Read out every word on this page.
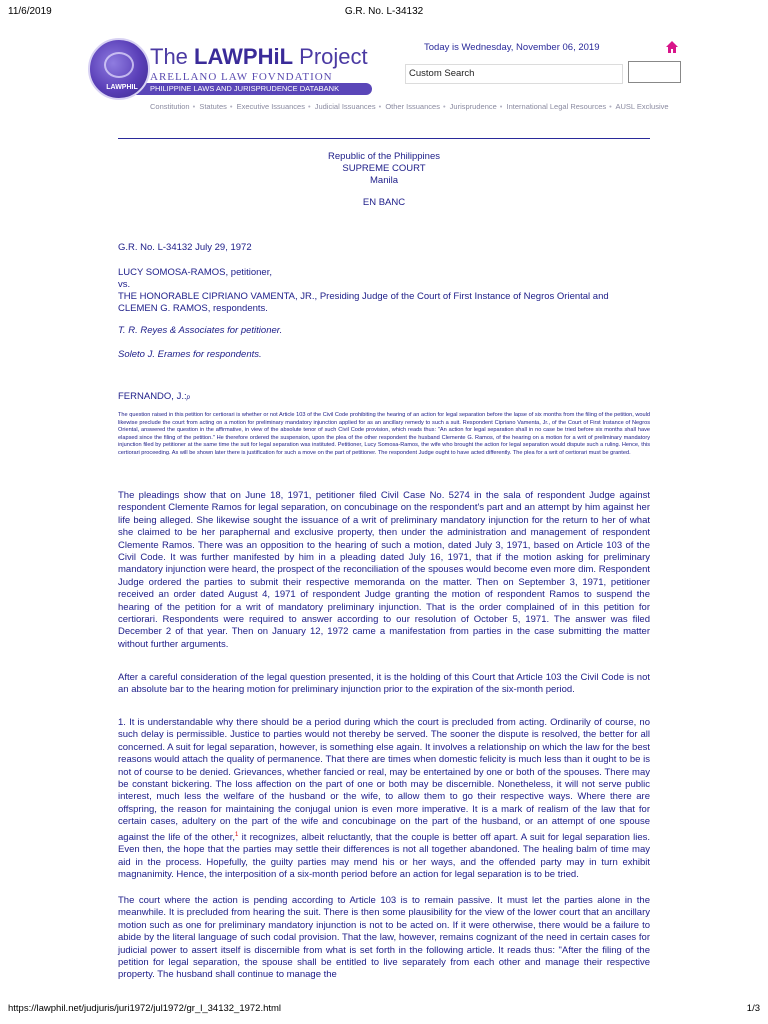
11/6/2019	G.R. No. L-34132
PHILIPPINE LAWS AND JURISPRUDENCE DATABANK
LAWPHIL
The LAWPHiL Project
ARELLANO LAW FOVNDATION
Today is Wednesday, November 06, 2019
Custom Search
Constitution • Statutes • Executive Issuances • Judicial Issuances • Other Issuances • Jurisprudence • International Legal Resources • AUSL Exclusive
Republic of the Philippines
SUPREME COURT
Manila
EN BANC
G.R. No. L-34132 July 29, 1972
LUCY SOMOSA-RAMOS, petitioner,
vs.
THE HONORABLE CIPRIANO VAMENTA, JR., Presiding Judge of the Court of First Instance of Negros Oriental and CLEMEN G. RAMOS, respondents.
T. R. Reyes & Associates for petitioner.
Soleto J. Erames for respondents.
FERNANDO, J.:p
The question raised in this petition for certiorari is whether or not Article 103 of the Civil Code prohibiting the hearing of an action for legal separation before the lapse of six months from the filing of the petition, would likewise preclude the court from acting on a motion for preliminary mandatory injunction applied for as an ancillary remedy to such a suit. Respondent Cipriano Vamenta, Jr., of the Court of First Instance of Negros Oriental, answered the question in the affirmative, in view of the absolute tenor of such Civil Code provision, which reads thus: "An action for legal separation shall in no case be tried before six months shall have elapsed since the filing of the petition." He therefore ordered the suspension, upon the plea of the other respondent the husband Clemente G. Ramos, of the hearing on a motion for a writ of preliminary mandatory injunction filed by petitioner at the same time the suit for legal separation was instituted. Petitioner, Lucy Somosa-Ramos, the wife who brought the action for legal separation would dispute such a ruling. Hence, this certiorari proceeding. As will be shown later there is justification for such a move on the part of petitioner. The respondent Judge ought to have acted differently. The plea for a writ of certiorari must be granted.
The pleadings show that on June 18, 1971, petitioner filed Civil Case No. 5274 in the sala of respondent Judge against respondent Clemente Ramos for legal separation, on concubinage on the respondent's part and an attempt by him against her life being alleged. She likewise sought the issuance of a writ of preliminary mandatory injunction for the return to her of what she claimed to be her paraphernal and exclusive property, then under the administration and management of respondent Clemente Ramos. There was an opposition to the hearing of such a motion, dated July 3, 1971, based on Article 103 of the Civil Code. It was further manifested by him in a pleading dated July 16, 1971, that if the motion asking for preliminary mandatory injunction were heard, the prospect of the reconciliation of the spouses would become even more dim. Respondent Judge ordered the parties to submit their respective memoranda on the matter. Then on September 3, 1971, petitioner received an order dated August 4, 1971 of respondent Judge granting the motion of respondent Ramos to suspend the hearing of the petition for a writ of mandatory preliminary injunction. That is the order complained of in this petition for certiorari. Respondents were required to answer according to our resolution of October 5, 1971. The answer was filed December 2 of that year. Then on January 12, 1972 came a manifestation from parties in the case submitting the matter without further arguments.
After a careful consideration of the legal question presented, it is the holding of this Court that Article 103 the Civil Code is not an absolute bar to the hearing motion for preliminary injunction prior to the expiration of the six-month period.
1. It is understandable why there should be a period during which the court is precluded from acting. Ordinarily of course, no such delay is permissible. Justice to parties would not thereby be served. The sooner the dispute is resolved, the better for all concerned. A suit for legal separation, however, is something else again. It involves a relationship on which the law for the best reasons would attach the quality of permanence. That there are times when domestic felicity is much less than it ought to be is not of course to be denied. Grievances, whether fancied or real, may be entertained by one or both of the spouses. There may be constant bickering. The loss affection on the part of one or both may be discernible. Nonetheless, it will not serve public interest, much less the welfare of the husband or the wife, to allow them to go their respective ways. Where there are offspring, the reason for maintaining the conjugal union is even more imperative. It is a mark of realism of the law that for certain cases, adultery on the part of the wife and concubinage on the part of the husband, or an attempt of one spouse against the life of the other,$^1$ it recognizes, albeit reluctantly, that the couple is better off apart. A suit for legal separation lies. Even then, the hope that the parties may settle their differences is not all together abandoned. The healing balm of time may aid in the process. Hopefully, the guilty parties may mend his or her ways, and the offended party may in turn exhibit magnanimity. Hence, the interposition of a six-month period before an action for legal separation is to be tried.
The court where the action is pending according to Article 103 is to remain passive. It must let the parties alone in the meanwhile. It is precluded from hearing the suit. There is then some plausibility for the view of the lower court that an ancillary motion such as one for preliminary mandatory injunction is not to be acted on. If it were otherwise, there would be a failure to abide by the literal language of such codal provision. That the law, however, remains cognizant of the need in certain cases for judicial power to assert itself is discernible from what is set forth in the following article. It reads thus: "After the filing of the petition for legal separation, the spouse shall be entitled to live separately from each other and manage their respective property. The husband shall continue to manage the
https://lawphil.net/judjuris/juri1972/jul1972/gr_l_34132_1972.html	1/3
